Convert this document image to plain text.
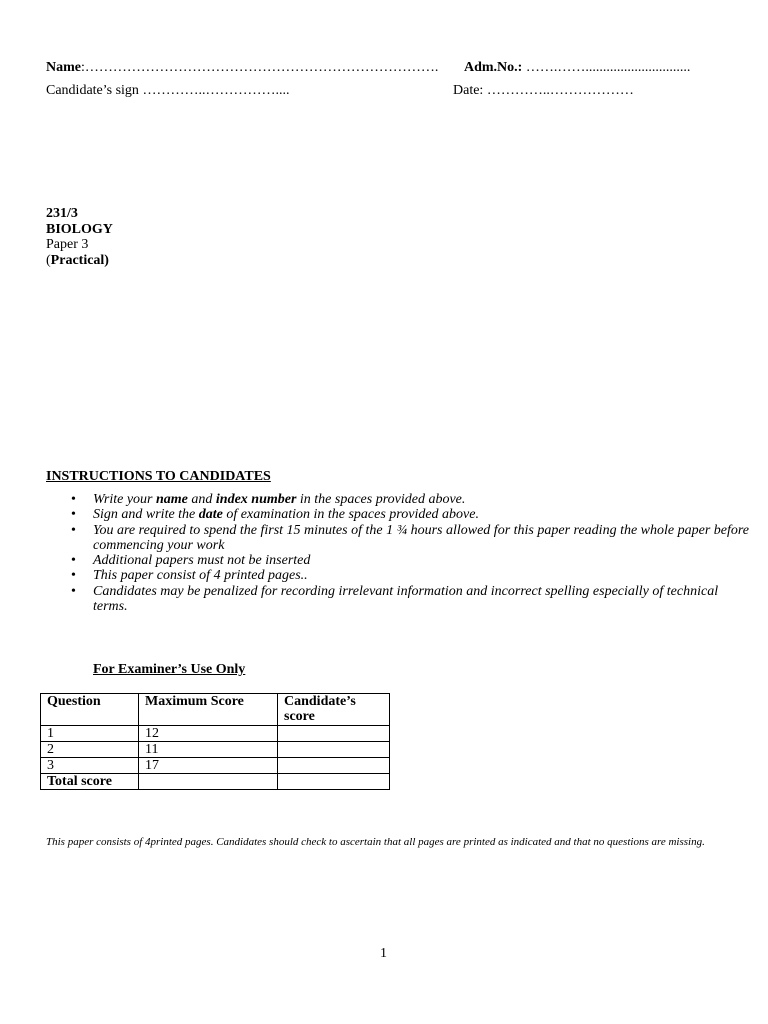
Name:…………………………………………………………………. Adm.No.: …….……..............................
Candidate’s sign …………..……………....	Date: …………..………………
231/3
BIOLOGY
Paper 3
(Practical)
INSTRUCTIONS TO CANDIDATES
• Write your name and index number in the spaces provided above.
• Sign and write the date of examination in the spaces provided above.
• You are required to spend the first 15 minutes of the 1 ¾ hours allowed for this paper reading the whole paper before commencing your work
• Additional papers must not be inserted
• This paper consist of 4 printed pages..
• Candidates may be penalized for recording irrelevant information and incorrect spelling especially of technical terms.
For Examiner’s Use Only
Question	Maximum Score	Candidate’s score
1	12	
2	11	
3	17	
Total score		
This paper consists of 4printed pages. Candidates should check to ascertain that all pages are printed as indicated and that no questions are missing.
1
